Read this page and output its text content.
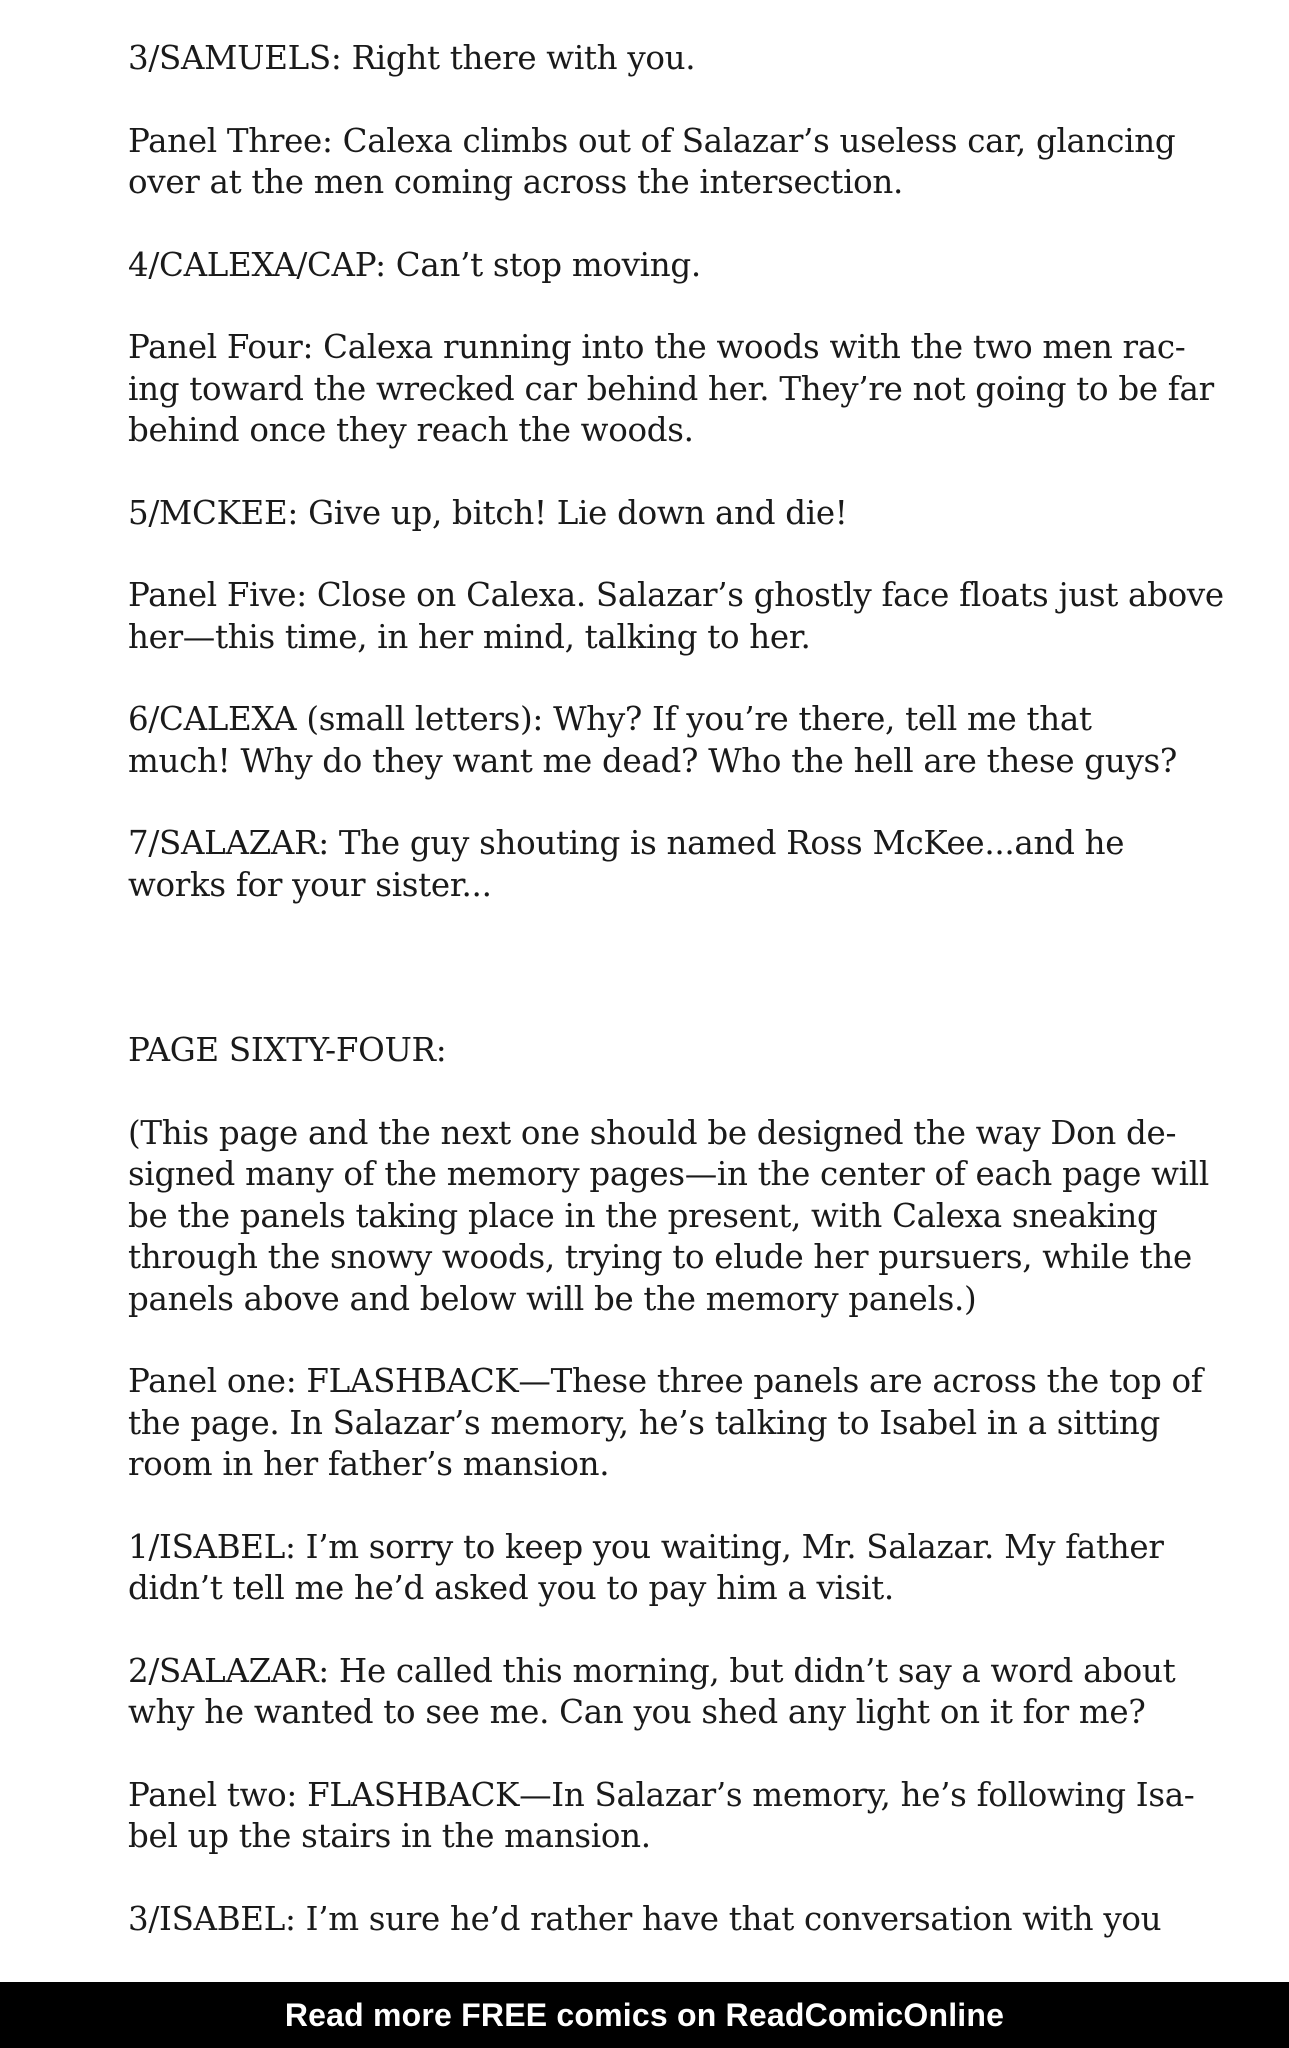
3/SAMUELS: Right there with you.

Panel Three: Calexa climbs out of Salazar’s useless car, glancing
over at the men coming across the intersection.

4/CALEXA/CAP: Can’t stop moving.

Panel Four: Calexa running into the woods with the two men rac-
ing toward the wrecked car behind her. They’re not going to be far
behind once they reach the woods.

5/MCKEE: Give up, bitch! Lie down and die!

Panel Five: Close on Calexa. Salazar’s ghostly face floats just above
her—this time, in her mind, talking to her.

6/CALEXA (small letters): Why? If you’re there, tell me that
much! Why do they want me dead? Who the hell are these guys?

7/SALAZAR: The guy shouting is named Ross McKee...and he
works for your sister...

PAGE SIXTY-FOUR:

(This page and the next one should be designed the way Don de-
signed many of the memory pages—in the center of each page will
be the panels taking place in the present, with Calexa sneaking
through the snowy woods, trying to elude her pursuers, while the
panels above and below will be the memory panels.)

Panel one: FLASHBACK—These three panels are across the top of
the page. In Salazar’s memory, he’s talking to Isabel in a sitting
room in her father’s mansion.

1/ISABEL: I’m sorry to keep you waiting, Mr. Salazar. My father
didn’t tell me he’d asked you to pay him a visit.

2/SALAZAR: He called this morning, but didn’t say a word about
why he wanted to see me. Can you shed any light on it for me?

Panel two: FLASHBACK—In Salazar’s memory, he’s following Isa-
bel up the stairs in the mansion.

3/ISABEL: I’m sure he’d rather have that conversation with you

Read more FREE comics on ReadComicOnline
